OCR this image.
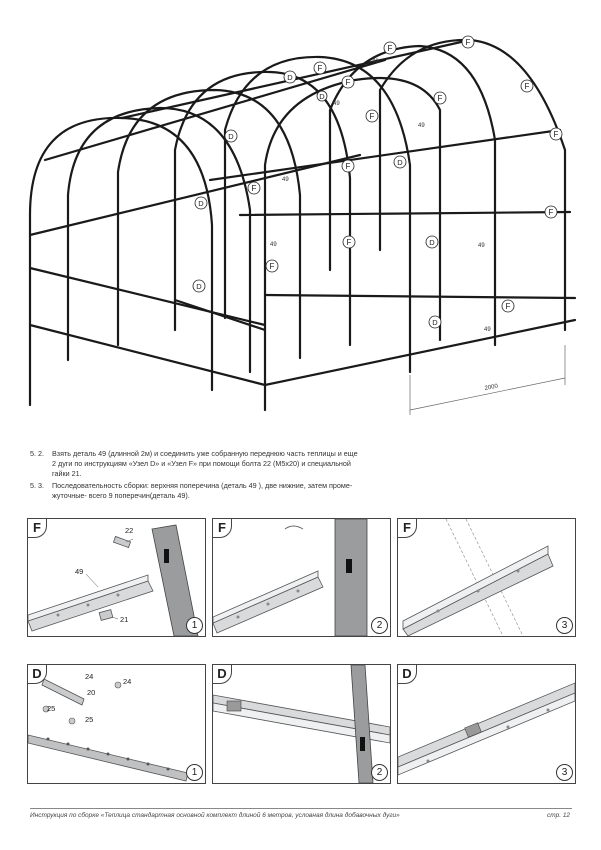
2000
49
49
49
49
49	49
49
F
F
F
F	F
F
F
F
F
F
F
F
F
F
D
D
D
D
D
D
D
D
5. 2. Взять деталь 49 (длинной 2м) и соединить уже собранную переднюю часть теплицы и еще
2 дуги по инструкциям «Узел D» и «Узел F» при помощи болта 22 (М5х20) и специальной
гайки 21.
5. 3. Последовательность сборки: верхняя поперечина (деталь 49 ), две нижние, затем проме-
жуточные- всего 9 поперечин(деталь 49).
F	22
49
21
1
F
2
F
3
D	24
20
24
25
25
1
D
2
D
3
Инструкция по сборке «Теплица стандартная основной комплект длиной 6 метров, условная длина добавочных дуги»	стр. 12
